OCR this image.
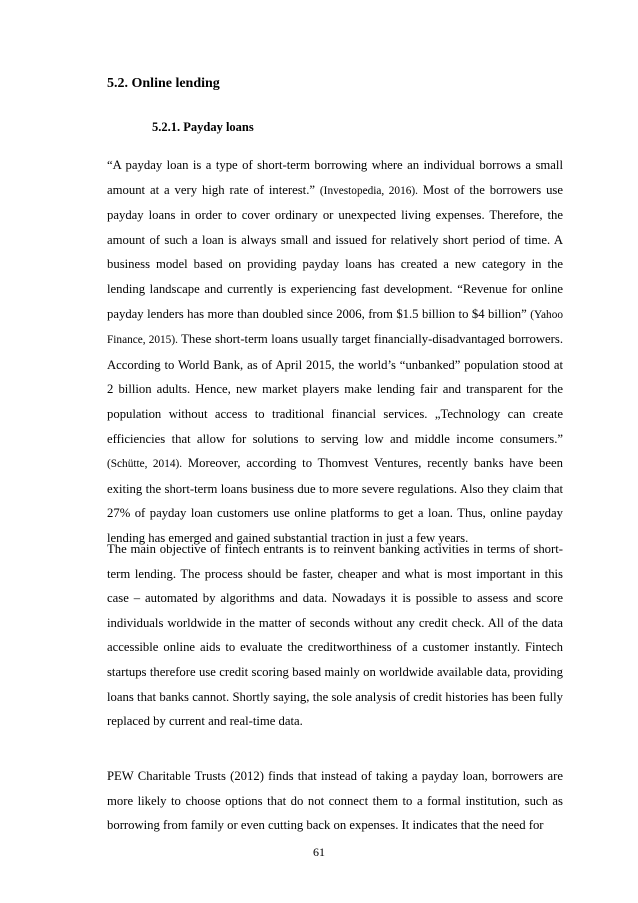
5.2. Online lending
5.2.1. Payday loans

“A payday loan is a type of short-term borrowing where an individual borrows a small amount at a very high rate of interest.” (Investopedia, 2016). Most of the borrowers use payday loans in order to cover ordinary or unexpected living expenses. Therefore, the amount of such a loan is always small and issued for relatively short period of time. A business model based on providing payday loans has created a new category in the lending landscape and currently is experiencing fast development. “Revenue for online payday lenders has more than doubled since 2006, from $1.5 billion to $4 billion” (Yahoo Finance, 2015). These short-term loans usually target financially-disadvantaged borrowers. According to World Bank, as of April 2015, the world’s “unbanked” population stood at 2 billion adults. Hence, new market players make lending fair and transparent for the population without access to traditional financial services. „Technology can create efficiencies that allow for solutions to serving low and middle income consumers.” (Schütte, 2014). Moreover, according to Thomvest Ventures, recently banks have been exiting the short-term loans business due to more severe regulations. Also they claim that 27% of payday loan customers use online platforms to get a loan. Thus, online payday lending has emerged and gained substantial traction in just a few years.

The main objective of fintech entrants is to reinvent banking activities in terms of short-term lending. The process should be faster, cheaper and what is most important in this case – automated by algorithms and data. Nowadays it is possible to assess and score individuals worldwide in the matter of seconds without any credit check. All of the data accessible online aids to evaluate the creditworthiness of a customer instantly. Fintech startups therefore use credit scoring based mainly on worldwide available data, providing loans that banks cannot. Shortly saying, the sole analysis of credit histories has been fully replaced by current and real-time data.

PEW Charitable Trusts (2012) finds that instead of taking a payday loan, borrowers are more likely to choose options that do not connect them to a formal institution, such as borrowing from family or even cutting back on expenses. It indicates that the need for

61
